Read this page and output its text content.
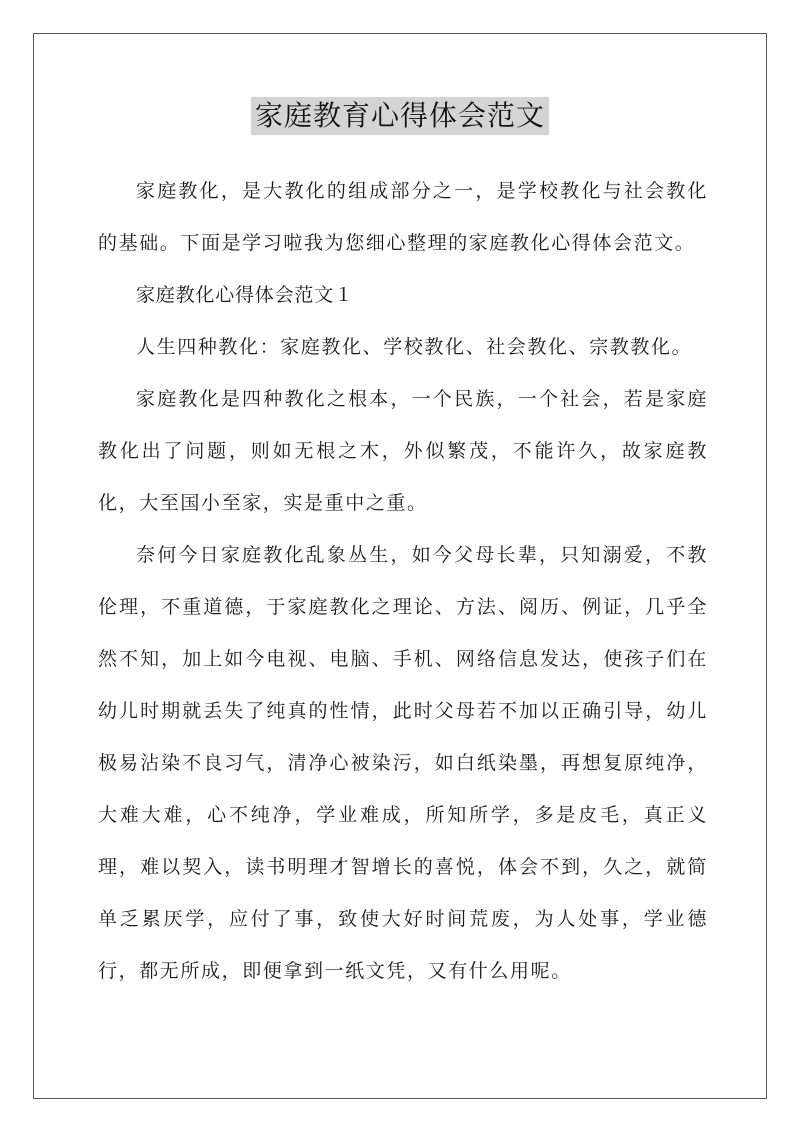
家庭教育心得体会范文

家庭教化，是大教化的组成部分之一，是学校教化与社会教化的基础。下面是学习啦我为您细心整理的家庭教化心得体会范文。

家庭教化心得体会范文１

人生四种教化：家庭教化、学校教化、社会教化、宗教教化。

家庭教化是四种教化之根本，一个民族，一个社会，若是家庭教化出了问题，则如无根之木，外似繁茂，不能许久，故家庭教化，大至国小至家，实是重中之重。

奈何今日家庭教化乱象丛生，如今父母长辈，只知溺爱，不教伦理，不重道德，于家庭教化之理论、方法、阅历、例证，几乎全然不知，加上如今电视、电脑、手机、网络信息发达，使孩子们在幼儿时期就丢失了纯真的性情，此时父母若不加以正确引导，幼儿极易沾染不良习气，清净心被染污，如白纸染墨，再想复原纯净，大难大难，心不纯净，学业难成，所知所学，多是皮毛，真正义理，难以契入，读书明理才智增长的喜悦，体会不到，久之，就简单乏累厌学，应付了事，致使大好时间荒废，为人处事，学业德行，都无所成，即便拿到一纸文凭，又有什么用呢。
